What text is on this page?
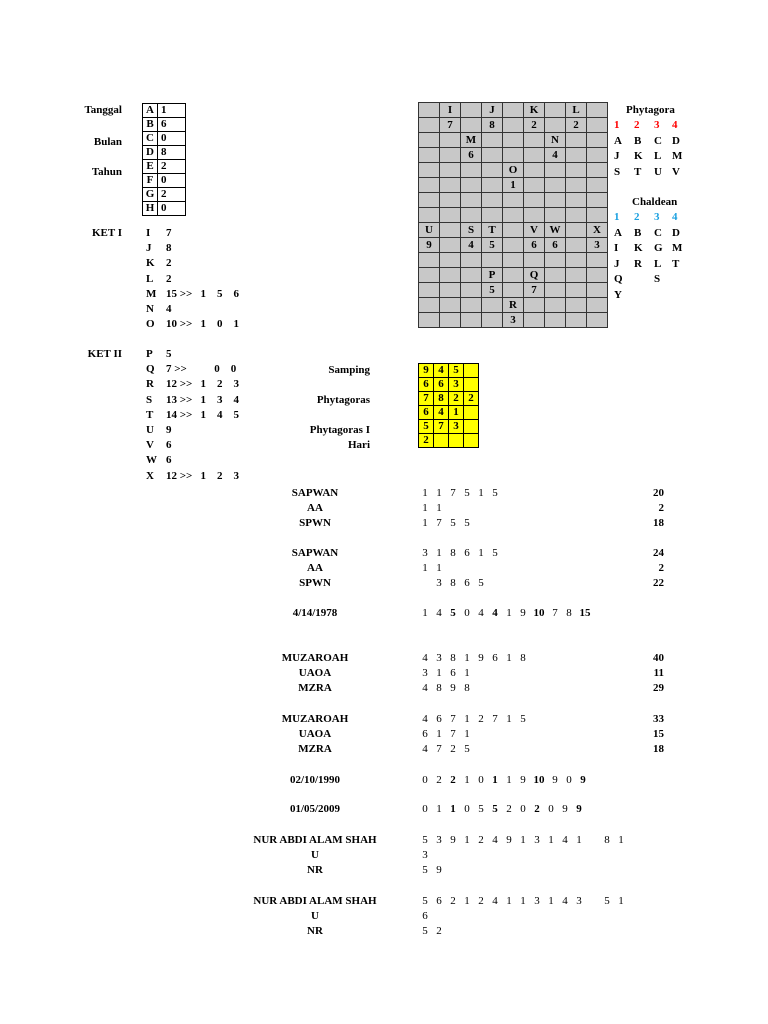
Tanggal
Bulan
Tahun
A	1
B	6
C	0
D	8
E	2
F	0
G	2
H	0
KET I I 7
J 8
K 2
L 2
M 15 >>   1    5    6
N 4
O 10 >>   1    0    1
KET II P 5
Q 7 >>          0    0
R 12 >>   1    2    3
S 13 >>   1    3    4
T 14 >>   1    4    5
U 9
V 6
W 6
X 12 >>   1    2    3
	I		J		K		L	
	7		8		2		2	
		M				N		
		6				4		
				O				
				1				

U		S	T		V	W		X
9		4	5		6	6		3

			P		Q			
			5		7			
				R				
				3				
Phytagora
1 2 3 4
A B C D
J K L M
S T U V
Chaldean
1 2 3 4
A B C D
I K G M
J R L T
Q	S
Y
Samping
Phytagoras
Phytagoras I
Hari
9	4	5	
6	6	3	
7	8	2	2
6	4	1	
5	7	3	
2			
SAPWAN	1 1 7 5 1 5	20
AA	1 1	2
SPWN	1 7 5 5	18
SAPWAN	3 1 8 6 1 5	24
AA	1 1	2
SPWN	3 8 6 5	22
4/14/1978	1 4 5 0 4 4 1 9 10 7 8 15
MUZAROAH	4 3 8 1 9 6 1 8	40
UAOA	3 1 6 1	11
MZRA	4 8 9 8	29
MUZAROAH	4 6 7 1 2 7 1 5	33
UAOA	6 1 7 1	15
MZRA	4 7 2 5	18
02/10/1990	0 2 2 1 0 1 1 9 10 9 0 9
01/05/2009	0 1 1 0 5 5 2 0 2 0 9 9
NUR ABDI ALAM SHAH	5 3 9 1 2 4 9 1 3 1 4 1 8 1
U	3
NR	5 9
NUR ABDI ALAM SHAH	5 6 2 1 2 4 1 1 3 1 4 3 5 1
U	6
NR	5 2
